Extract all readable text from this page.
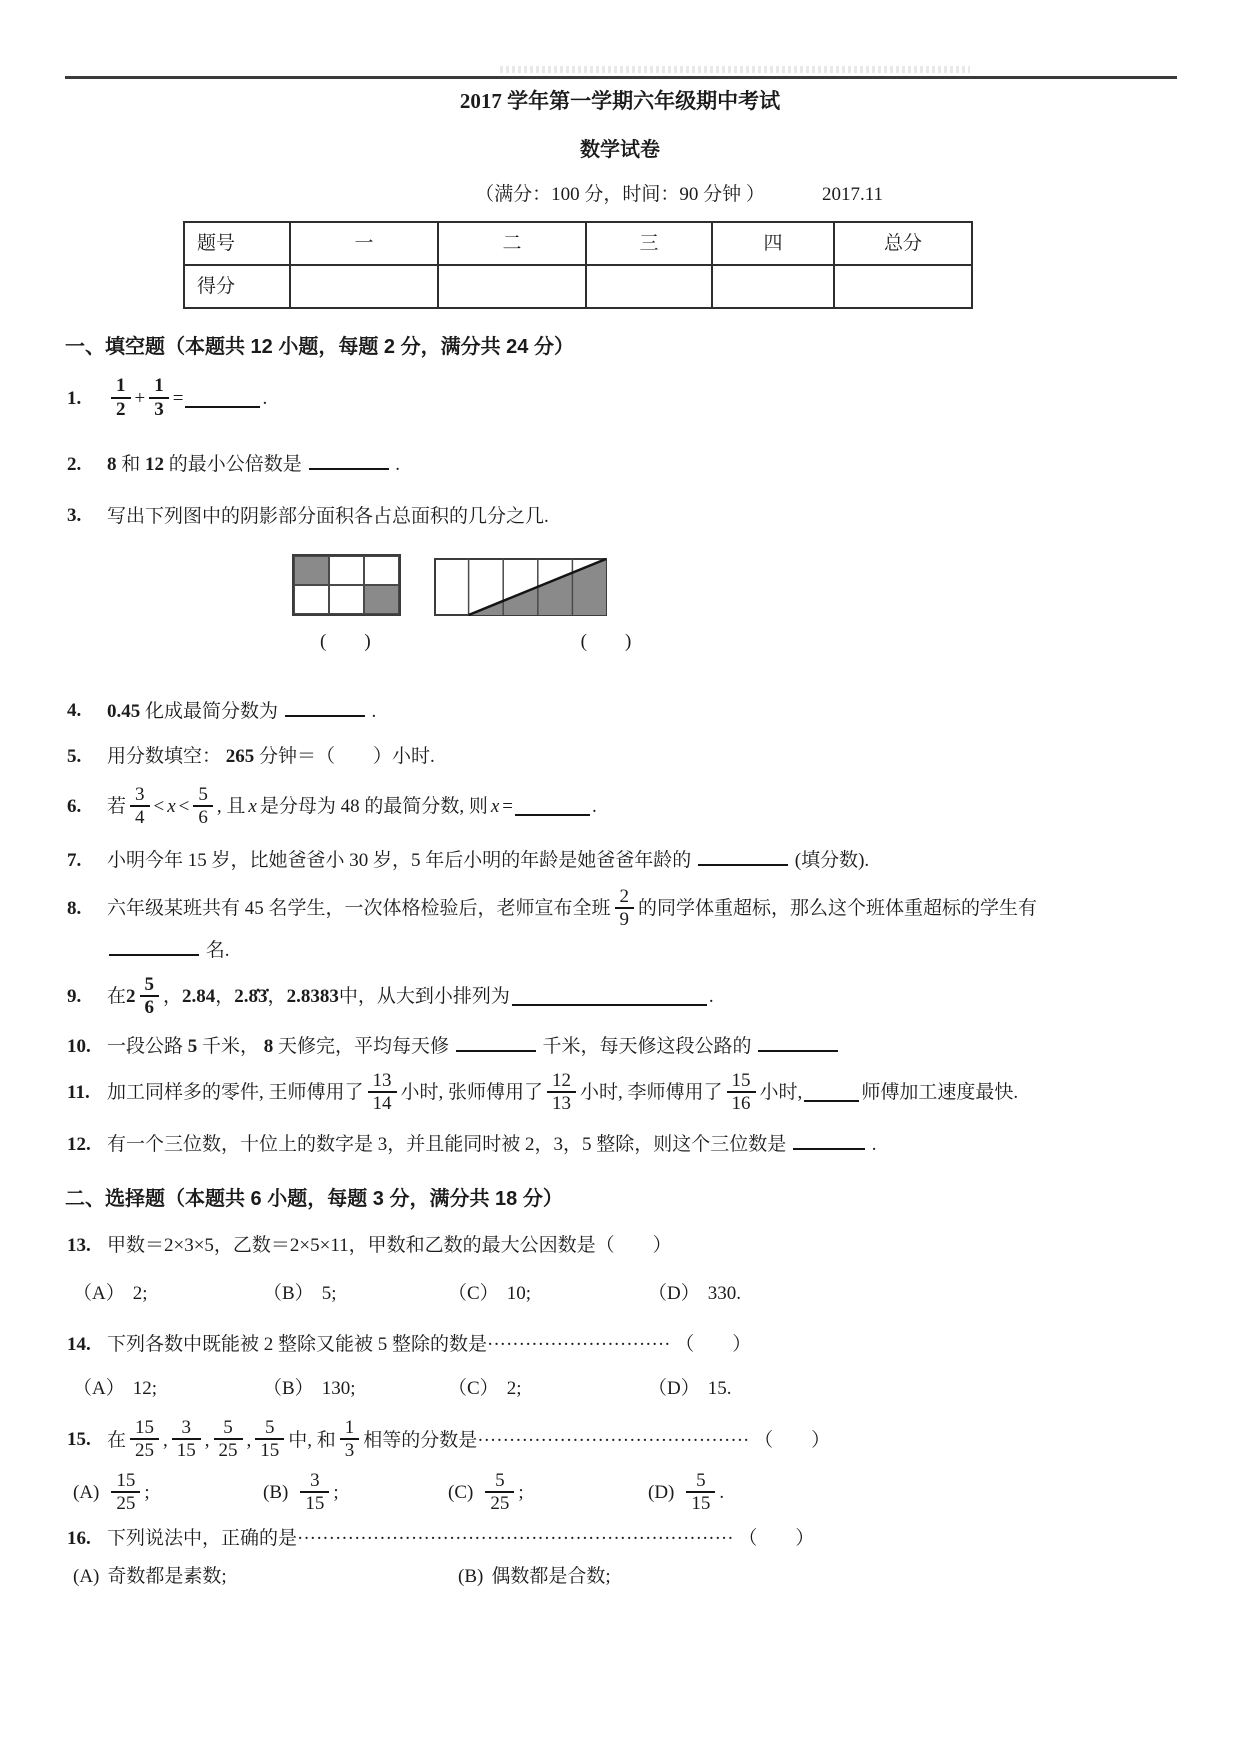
2017 学年第一学期六年级期中考试

数学试卷

（满分：100 分，时间：90 分钟 ）	2017.11
题号	一	二	三	四	总分
得分					

一、填空题（本题共 12 小题，每题 2 分，满分共 24 分）

1. $\frac{1}{2} + \frac{1}{3}$ =	.
2. 8 和 12 的最小公倍数是	.
3. 写出下列图中的阴影部分面积各占总面积的几分之几.
(　　)	(　　)
4. 0.45 化成最简分数为	.
5. 用分数填空： 265 分钟＝（　　）小时.
6. 若 $\frac{3}{4} < x < \frac{5}{6}$ , 且 x 是分母为 48 的最简分数, 则 x =	.
7. 小明今年 15 岁，比她爸爸小 30 岁，5 年后小明的年龄是她爸爸年龄的	(填分数).
8. 六年级某班共有 45 名学生，一次体格检验后，老师宣布全班 $\frac{2}{9}$ 的同学体重超标，那么这个班体重超标的学生有
名.
9. 在 $2 \frac{5}{6}$ ， 2.84 ， 2.8̇3̇ ， 2.8383 中，从大到小排列为	.
10. 一段公路 5 千米， 8 天修完，平均每天修	千米，每天修这段公路的
11. 加工同样多的零件, 王师傅用了 $\frac{13}{14}$ 小时, 张师傅用了 $\frac{12}{13}$ 小时, 李师傅用了 $\frac{15}{16}$ 小时,	师傅加工速度最快.
12. 有一个三位数，十位上的数字是 3，并且能同时被 2，3，5 整除，则这个三位数是	.

二、选择题（本题共 6 小题，每题 3 分，满分共 18 分）

13. 甲数＝2×3×5，乙数＝2×5×11，甲数和乙数的最大公因数是（　　）
（A） 2;	（B） 5;	（C） 10;	（D） 330.
14. 下列各数中既能被 2 整除又能被 5 整除的数是····························· （　　）
（A） 12;	（B） 130;	（C） 2;	（D） 15.
15. 在 $\frac{15}{25}$ , $\frac{3}{15}$ , $\frac{5}{25}$ , $\frac{5}{15}$ 中, 和 $\frac{1}{3}$ 相等的分数是··········································· （　　）
$(A) \frac{15}{25}$ ;	$(B) \frac{3}{15}$ ;	$(C) \frac{5}{25}$ ;	$(D) \frac{5}{15}$ .
16. 下列说法中，正确的是····································································· （　　）
(A) 奇数都是素数;	(B) 偶数都是合数;
